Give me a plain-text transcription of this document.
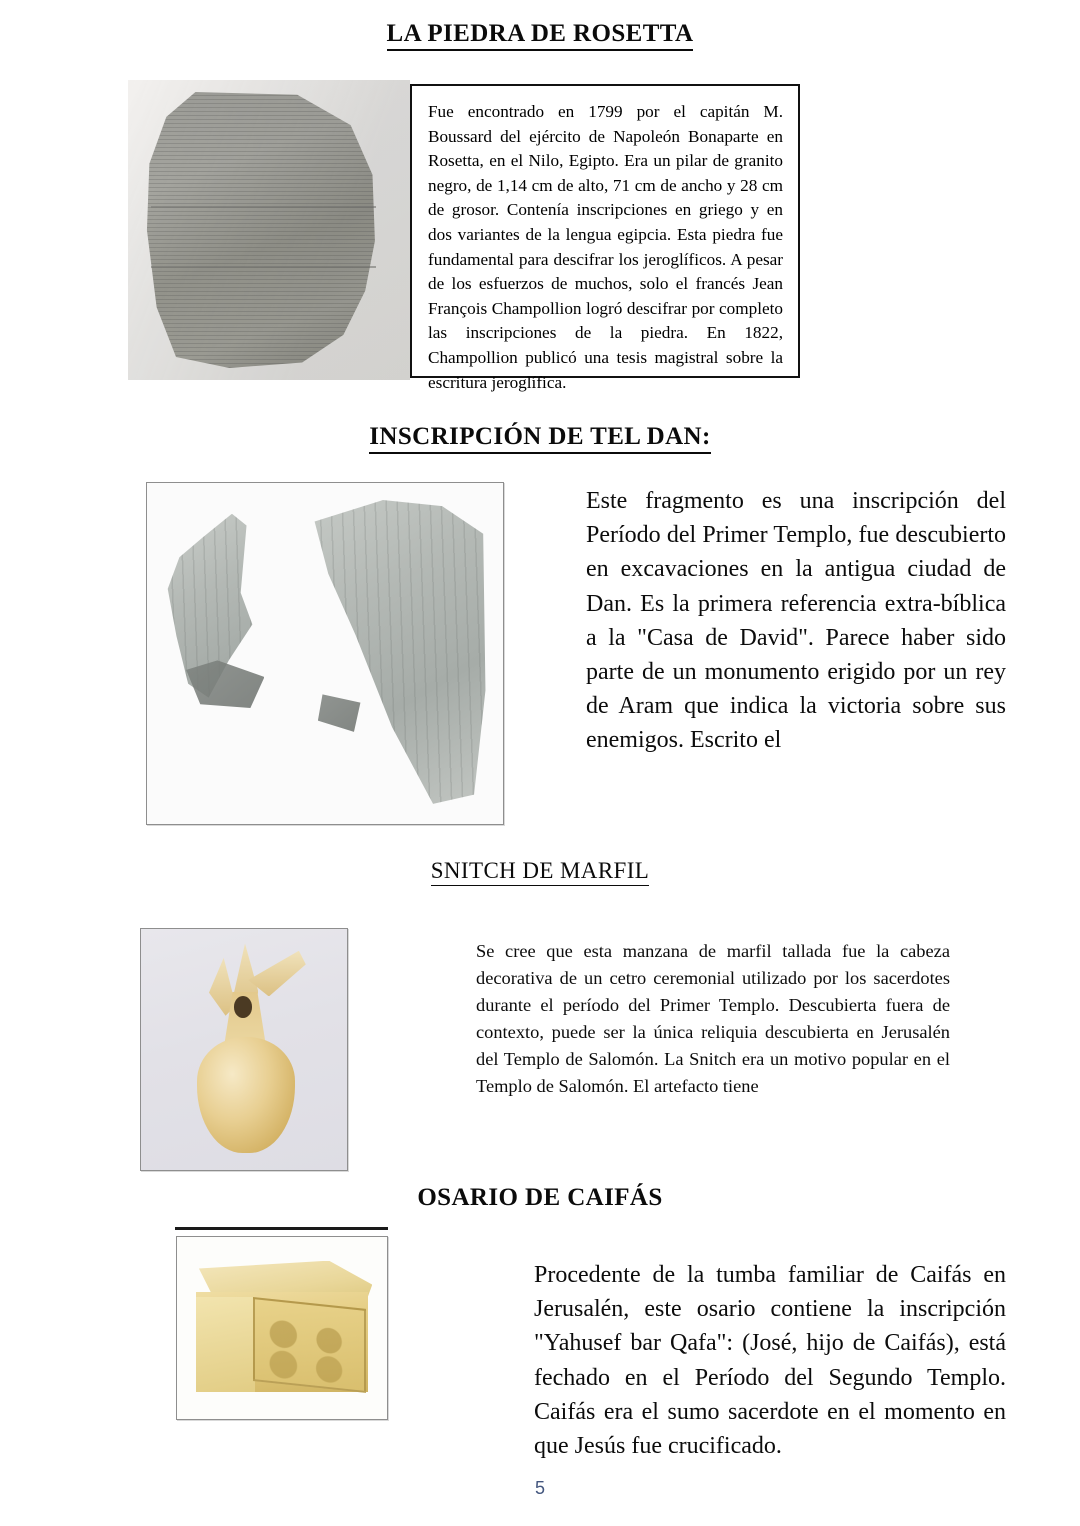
LA PIEDRA DE ROSETTA
Fue encontrado en 1799 por el capitán M. Boussard del ejército de Napoleón Bonaparte en Rosetta, en el Nilo, Egipto. Era un pilar de granito negro, de 1,14 cm de alto, 71 cm de ancho y 28 cm de grosor. Contenía inscripciones en griego y en dos variantes de la lengua egipcia. Esta piedra fue fundamental para descifrar los jeroglíficos. A pesar de los esfuerzos de muchos, solo el francés Jean François Champollion logró descifrar por completo las inscripciones de la piedra. En 1822, Champollion publicó una tesis magistral sobre la escritura jeroglífica.
INSCRIPCIÓN DE TEL DAN:
Este fragmento es una inscripción del Período del Primer Templo, fue descubierto en excavaciones en la antigua ciudad de Dan. Es la primera referencia extra-bíblica a la "Casa de David". Parece haber sido parte de un monumento erigido por un rey de Aram que indica la victoria sobre sus enemigos. Escrito el
SNITCH DE MARFIL
Se cree que esta manzana de marfil tallada fue la cabeza decorativa de un cetro ceremonial utilizado por los sacerdotes durante el período del Primer Templo. Descubierta fuera de contexto, puede ser la única reliquia descubierta en Jerusalén del Templo de Salomón. La Snitch era un motivo popular en el Templo de Salomón. El artefacto tiene
OSARIO DE CAIFÁS
Procedente de la tumba familiar de Caifás en Jerusalén, este osario contiene la inscripción "Yahusef bar Qafa": (José, hijo de Caifás), está fechado en el Período del Segundo Templo. Caifás era el sumo sacerdote en el momento en que Jesús fue crucificado.
5
